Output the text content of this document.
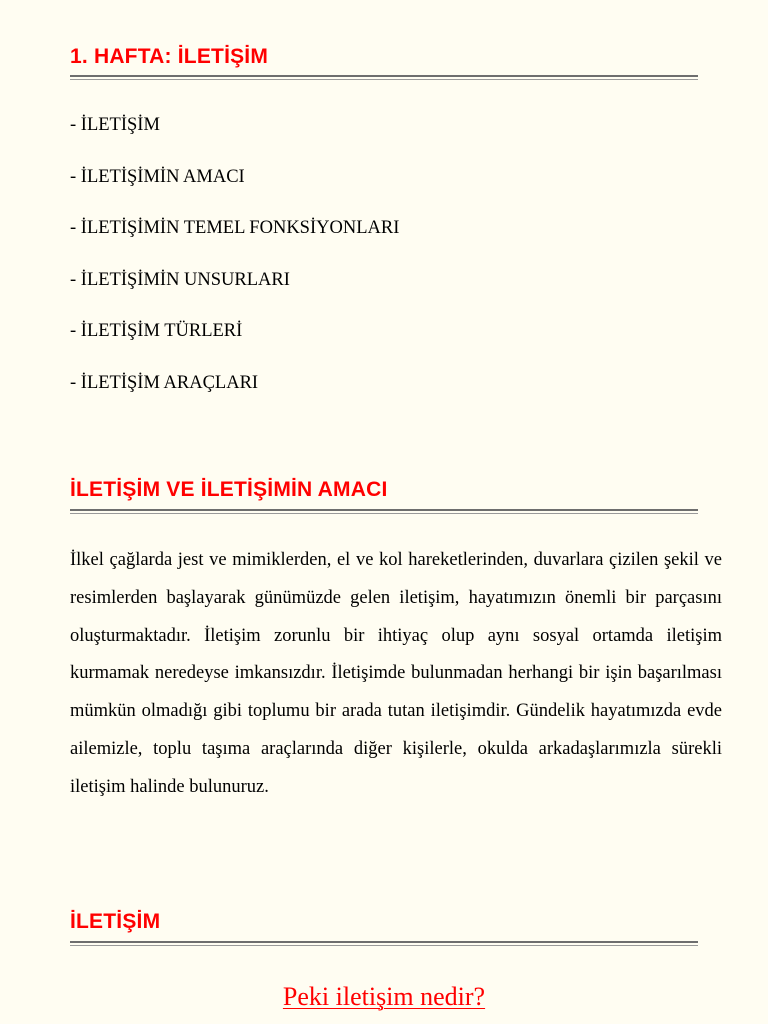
1. HAFTA: İLETİŞİM
- İLETİŞİM
- İLETİŞİMİN AMACI
- İLETİŞİMİN TEMEL FONKSİYONLARI
- İLETİŞİMİN UNSURLARI
- İLETİŞİM TÜRLERİ
- İLETİŞİM ARAÇLARI
İLETİŞİM VE İLETİŞİMİN AMACI

İlkel çağlarda jest ve mimiklerden, el ve kol hareketlerinden, duvarlara çizilen şekil ve resimlerden başlayarak günümüzde gelen iletişim, hayatımızın önemli bir parçasını oluşturmaktadır. İletişim zorunlu bir ihtiyaç olup aynı sosyal ortamda iletişim kurmamak neredeyse imkansızdır. İletişimde bulunmadan herhangi bir işin başarılması mümkün olmadığı gibi toplumu bir arada tutan iletişimdir. Gündelik hayatımızda evde ailemizle, toplu taşıma araçlarında diğer kişilerle, okulda arkadaşlarımızla sürekli iletişim halinde bulunuruz.

İLETİŞİM

Peki iletişim nedir?
